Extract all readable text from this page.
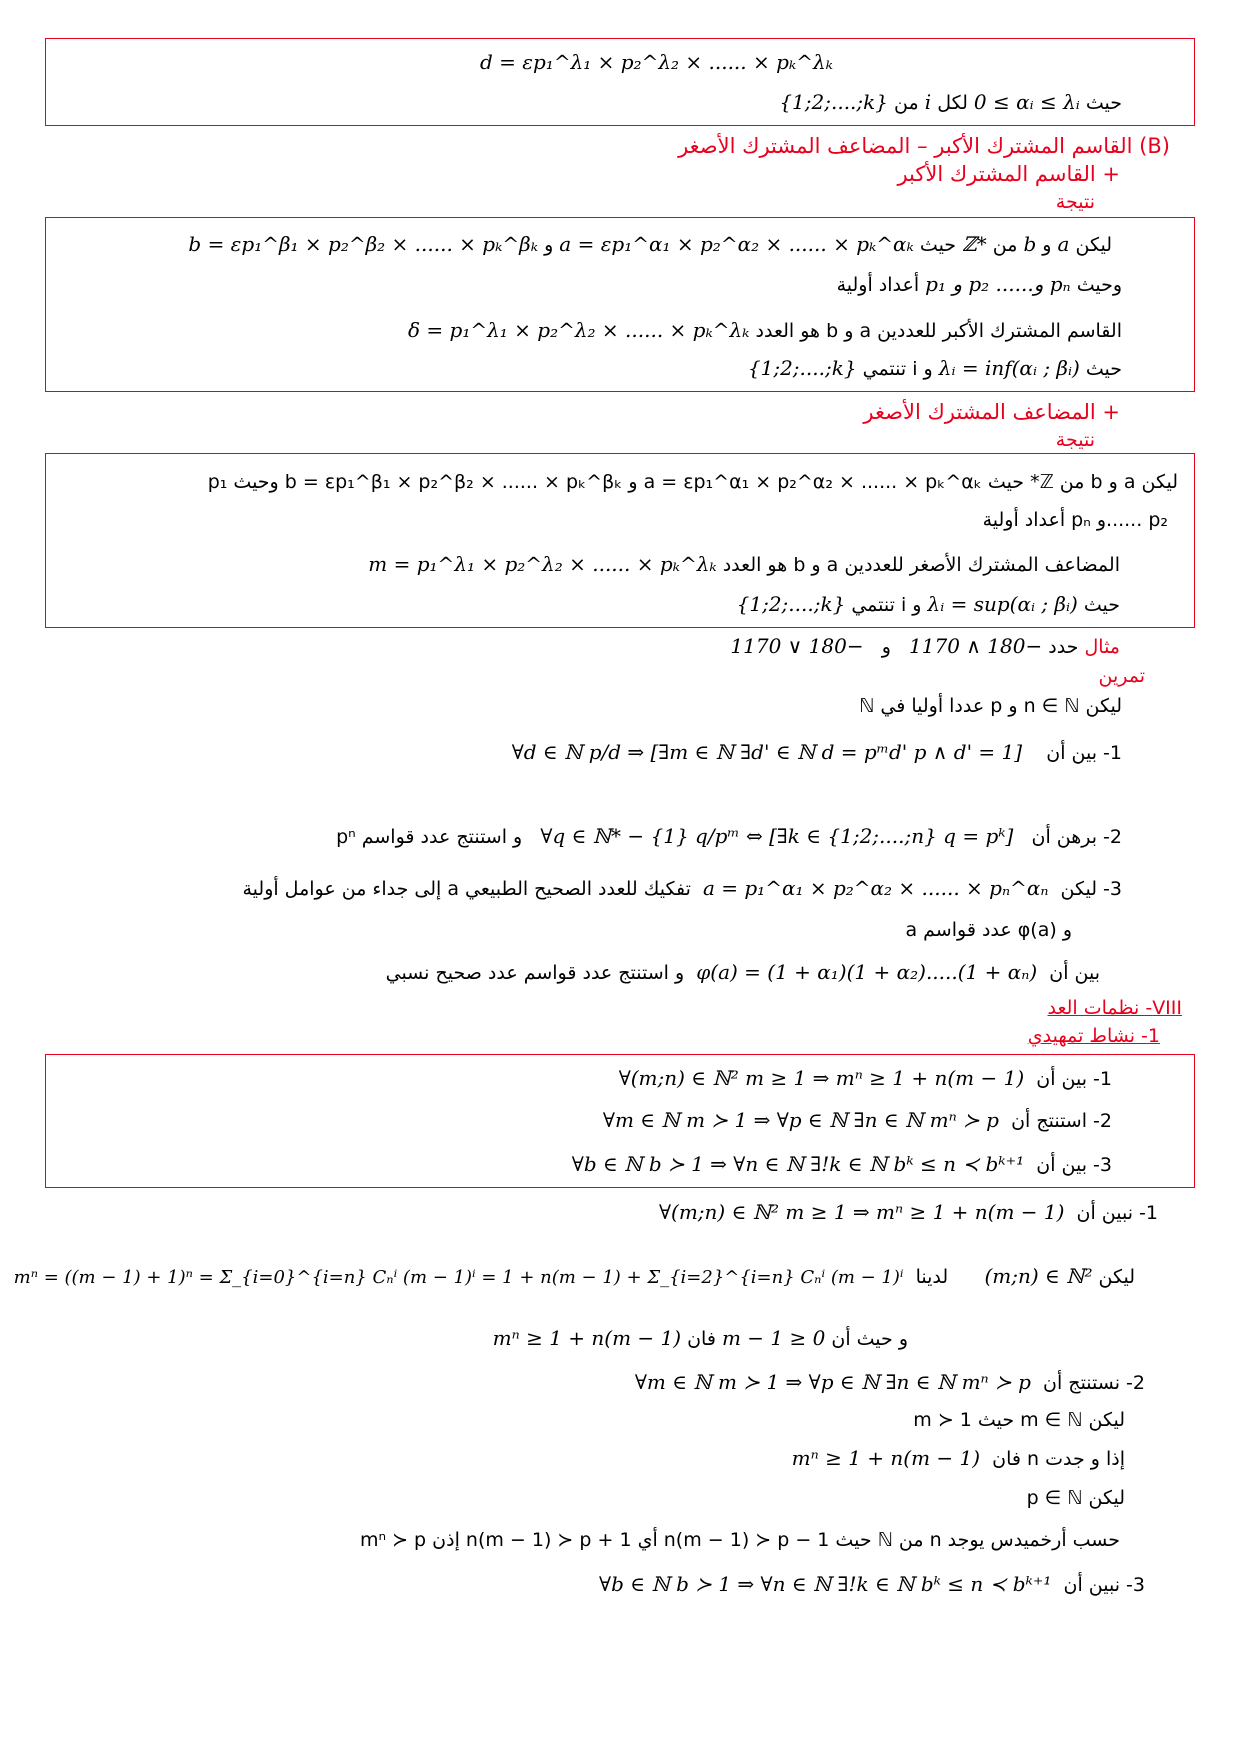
d = εp₁^λ₁ × p₂^λ₂ × ...... × pₖ^λₖ
حيث 0 ≤ αᵢ ≤ λᵢ لكل i من {1;2;....;k}
(B) القاسم المشترك الأكبر – المضاعف المشترك الأصغر
+ القاسم المشترك الأكبر
نتيجة
ليكن a و b من ℤ* حيث a = εp₁^α₁ × p₂^α₂ × ...... × pₖ^αₖ و b = εp₁^β₁ × p₂^β₂ × ...... × pₖ^βₖ
وحيث p₁ و p₂ ......و pₙ أعداد أولية
القاسم المشترك الأكبر للعددين a و b هو العدد δ = p₁^λ₁ × p₂^λ₂ × ...... × pₖ^λₖ
حيث λᵢ = inf(αᵢ ; βᵢ) و i تنتمي {1;2;....;k}
+ المضاعف المشترك الأصغر
نتيجة
ليكن a و b من ℤ* حيث a = εp₁^α₁ × p₂^α₂ × ...... × pₖ^αₖ و b = εp₁^β₁ × p₂^β₂ × ...... × pₖ^βₖ وحيث p₁
p₂ ......و pₙ أعداد أولية
المضاعف المشترك الأصغر للعددين a و b هو العدد m = p₁^λ₁ × p₂^λ₂ × ...... × pₖ^λₖ
حيث λᵢ = sup(αᵢ ; βᵢ) و i تنتمي {1;2;....;k}
مثال حدد 1170 ∧ 180−   و   1170 ∨ 180−
تمرين
ليكن n ∈ ℕ و p عددا أوليا في ℕ
1- بين أن    ∀d ∈ ℕ p/d ⇒ [∃m ∈ ℕ ∃d' ∈ ℕ d = pᵐd' p ∧ d' = 1]
2- برهن أن   ∀q ∈ ℕ* − {1} q/pᵐ ⇔ [∃k ∈ {1;2;....;n} q = pᵏ]   و استنتج عدد قواسم pⁿ
3- ليكن  a = p₁^α₁ × p₂^α₂ × ...... × pₙ^αₙ  تفكيك للعدد الصحيح الطبيعي a إلى جداء من عوامل أولية
و φ(a) عدد قواسم a
بين أن  φ(a) = (1 + α₁)(1 + α₂).....(1 + αₙ)  و استنتج عدد قواسم عدد صحيح نسبي
VIII- نظمات العد
1- نشاط تمهيدي
1- بين أن  ∀(m;n) ∈ ℕ² m ≥ 1 ⇒ mⁿ ≥ 1 + n(m − 1)
2- استنتج أن  ∀m ∈ ℕ m ≻ 1 ⇒ ∀p ∈ ℕ ∃n ∈ ℕ mⁿ ≻ p
3- بين أن  ∀b ∈ ℕ b ≻ 1 ⇒ ∀n ∈ ℕ ∃!k ∈ ℕ bᵏ ≤ n ≺ bᵏ⁺¹
1- نبين أن  ∀(m;n) ∈ ℕ² m ≥ 1 ⇒ mⁿ ≥ 1 + n(m − 1)
ليكن (m;n) ∈ ℕ²      لدينا  mⁿ = ((m − 1) + 1)ⁿ = Σ_{i=0}^{i=n} Cₙⁱ (m − 1)ⁱ = 1 + n(m − 1) + Σ_{i=2}^{i=n} Cₙⁱ (m − 1)ⁱ
و حيث أن m − 1 ≥ 0 فان mⁿ ≥ 1 + n(m − 1)
2- نستنتج أن  ∀m ∈ ℕ m ≻ 1 ⇒ ∀p ∈ ℕ ∃n ∈ ℕ mⁿ ≻ p
ليكن m ∈ ℕ حيث m ≻ 1
إذا و جدت n فان  mⁿ ≥ 1 + n(m − 1)
ليكن p ∈ ℕ
حسب أرخميدس يوجد n من ℕ حيث n(m − 1) ≻ p − 1 أي 1 + n(m − 1) ≻ p إذن mⁿ ≻ p
3- نبين أن  ∀b ∈ ℕ b ≻ 1 ⇒ ∀n ∈ ℕ ∃!k ∈ ℕ bᵏ ≤ n ≺ bᵏ⁺¹
